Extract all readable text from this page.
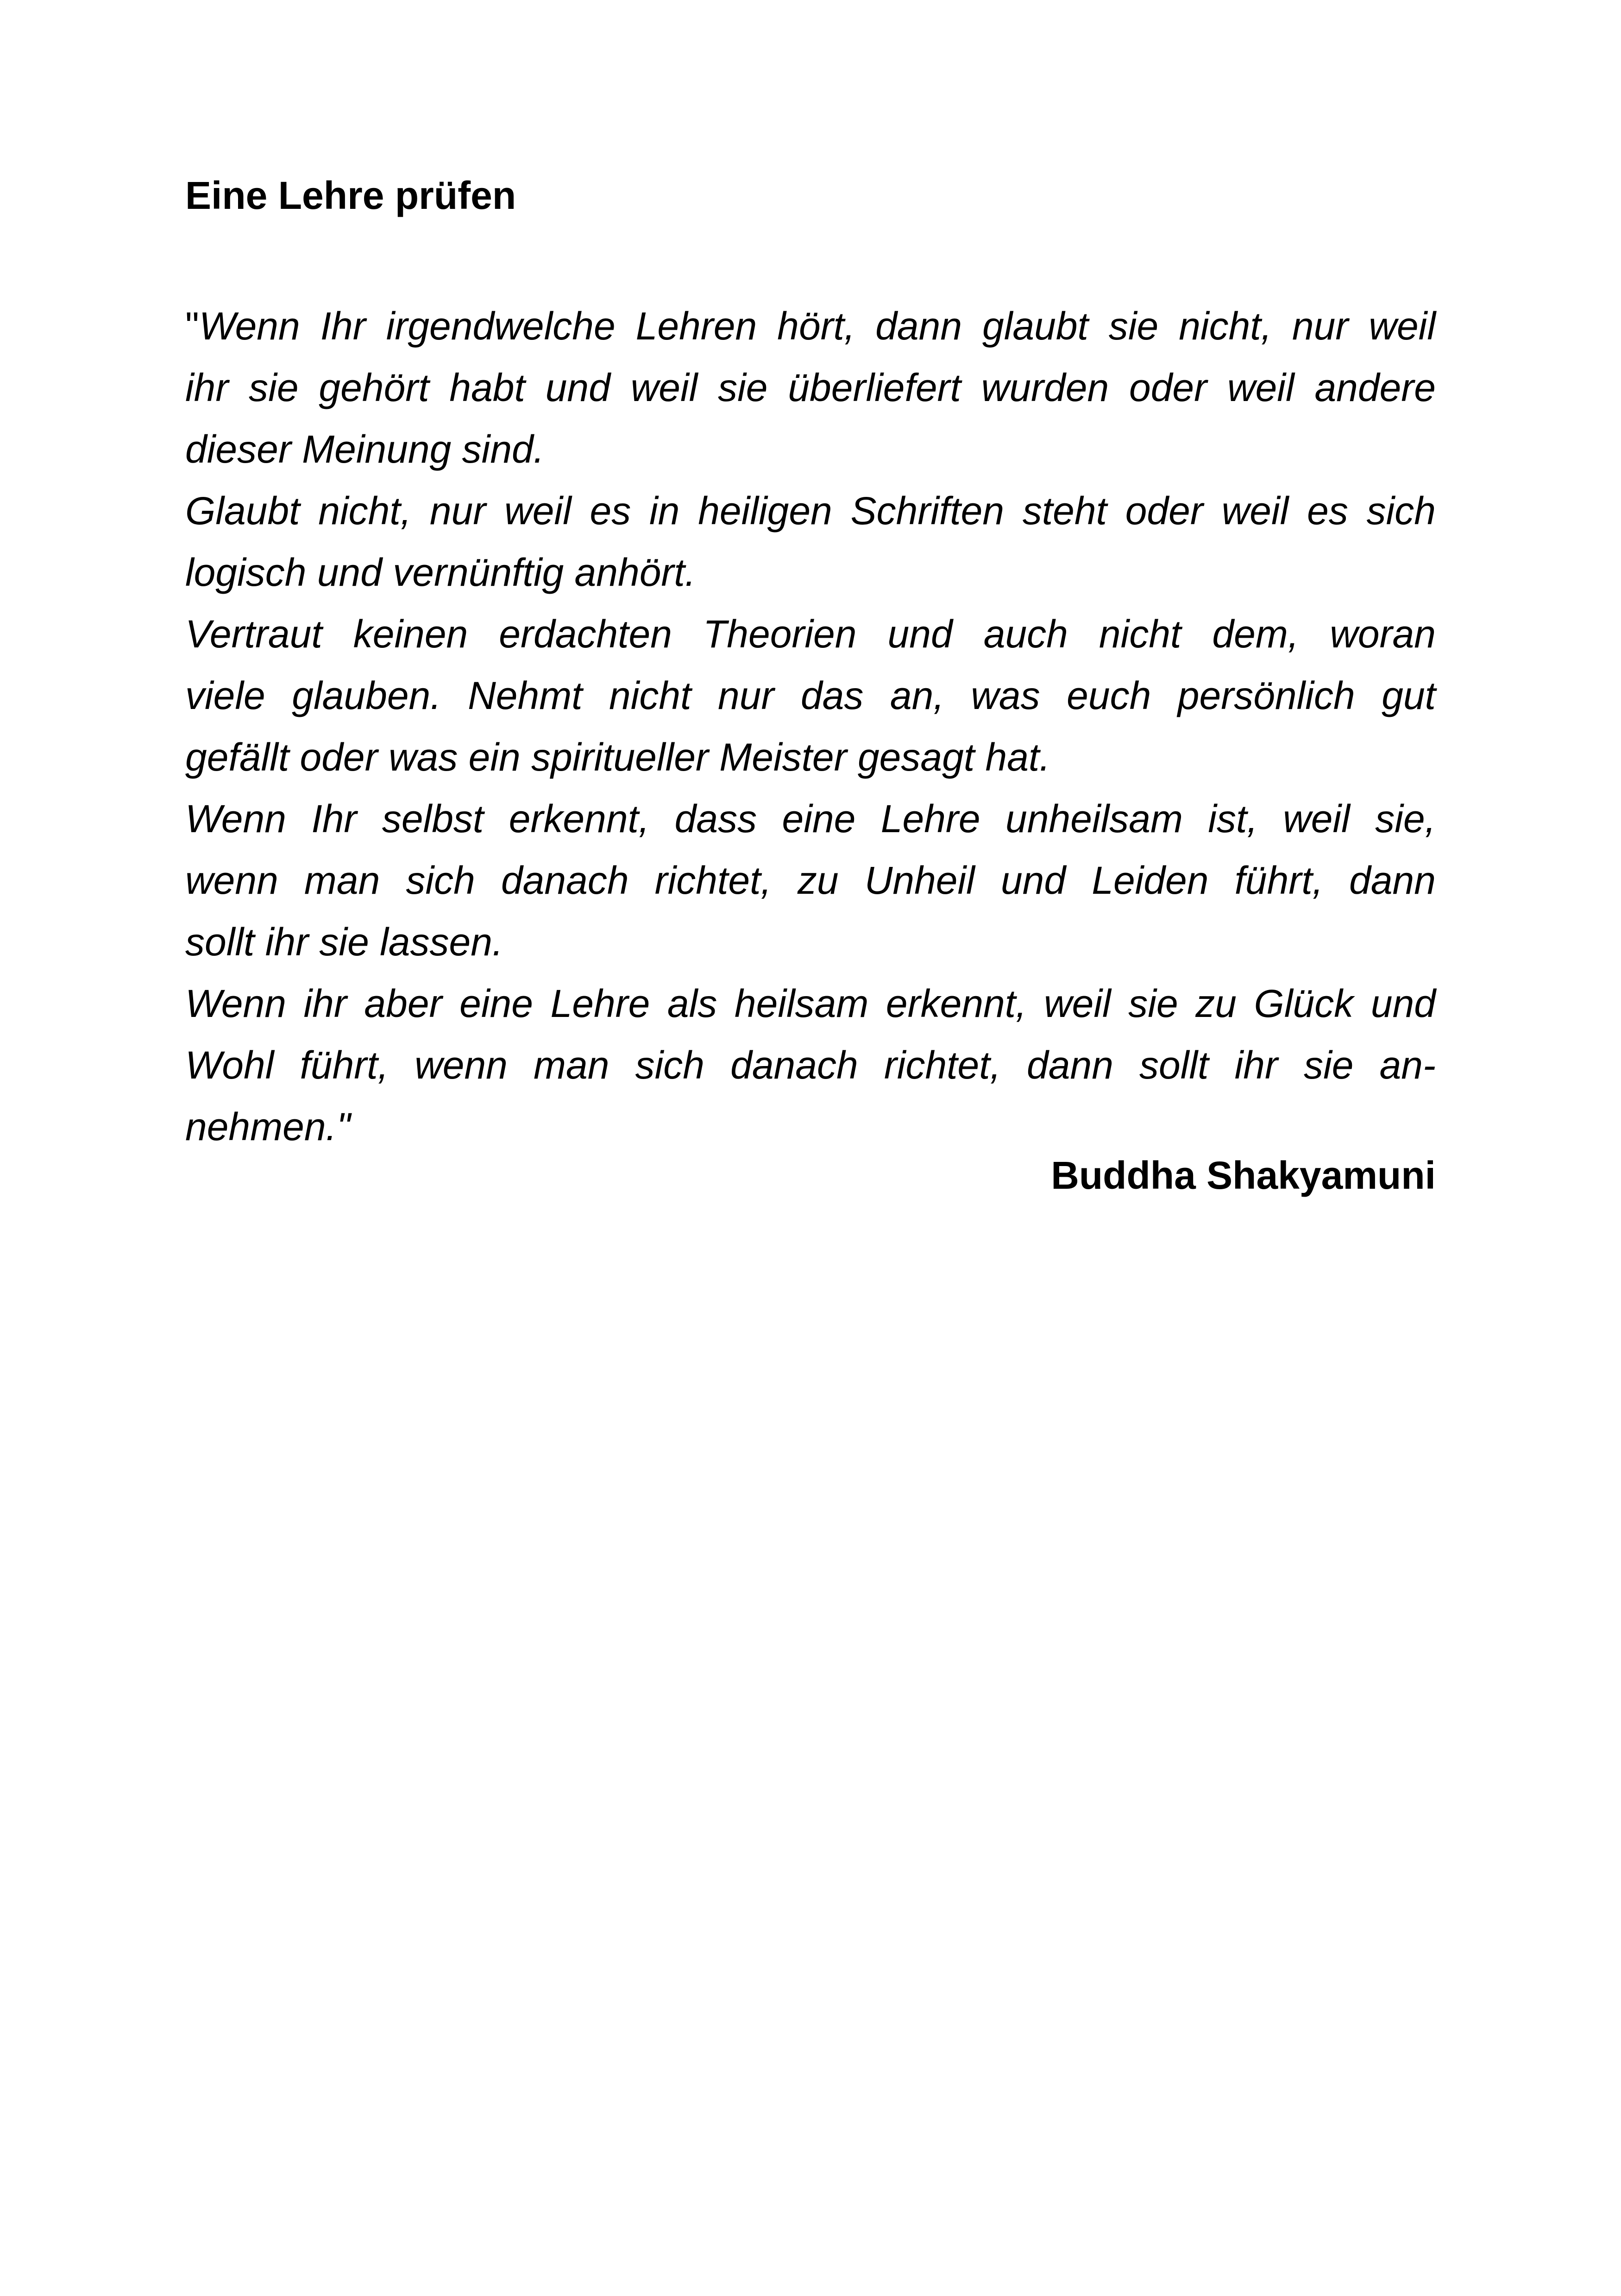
Eine Lehre prüfen
"Wenn Ihr irgendwelche Lehren hört, dann glaubt sie nicht, nur weil
ihr sie gehört habt und weil sie überliefert wurden oder weil andere
dieser Meinung sind.
Glaubt nicht, nur weil es in heiligen Schriften steht oder weil es sich
logisch und vernünftig anhört.
Vertraut keinen erdachten Theorien und auch nicht dem, woran
viele glauben. Nehmt nicht nur das an, was euch persönlich gut
gefällt oder was ein spiritueller Meister gesagt hat.
Wenn Ihr selbst erkennt, dass eine Lehre unheilsam ist, weil sie,
wenn man sich danach richtet, zu Unheil und Leiden führt, dann
sollt ihr sie lassen.
Wenn ihr aber eine Lehre als heilsam erkennt, weil sie zu Glück und
Wohl führt, wenn man sich danach richtet, dann sollt ihr sie an-
nehmen."

Buddha Shakyamuni
